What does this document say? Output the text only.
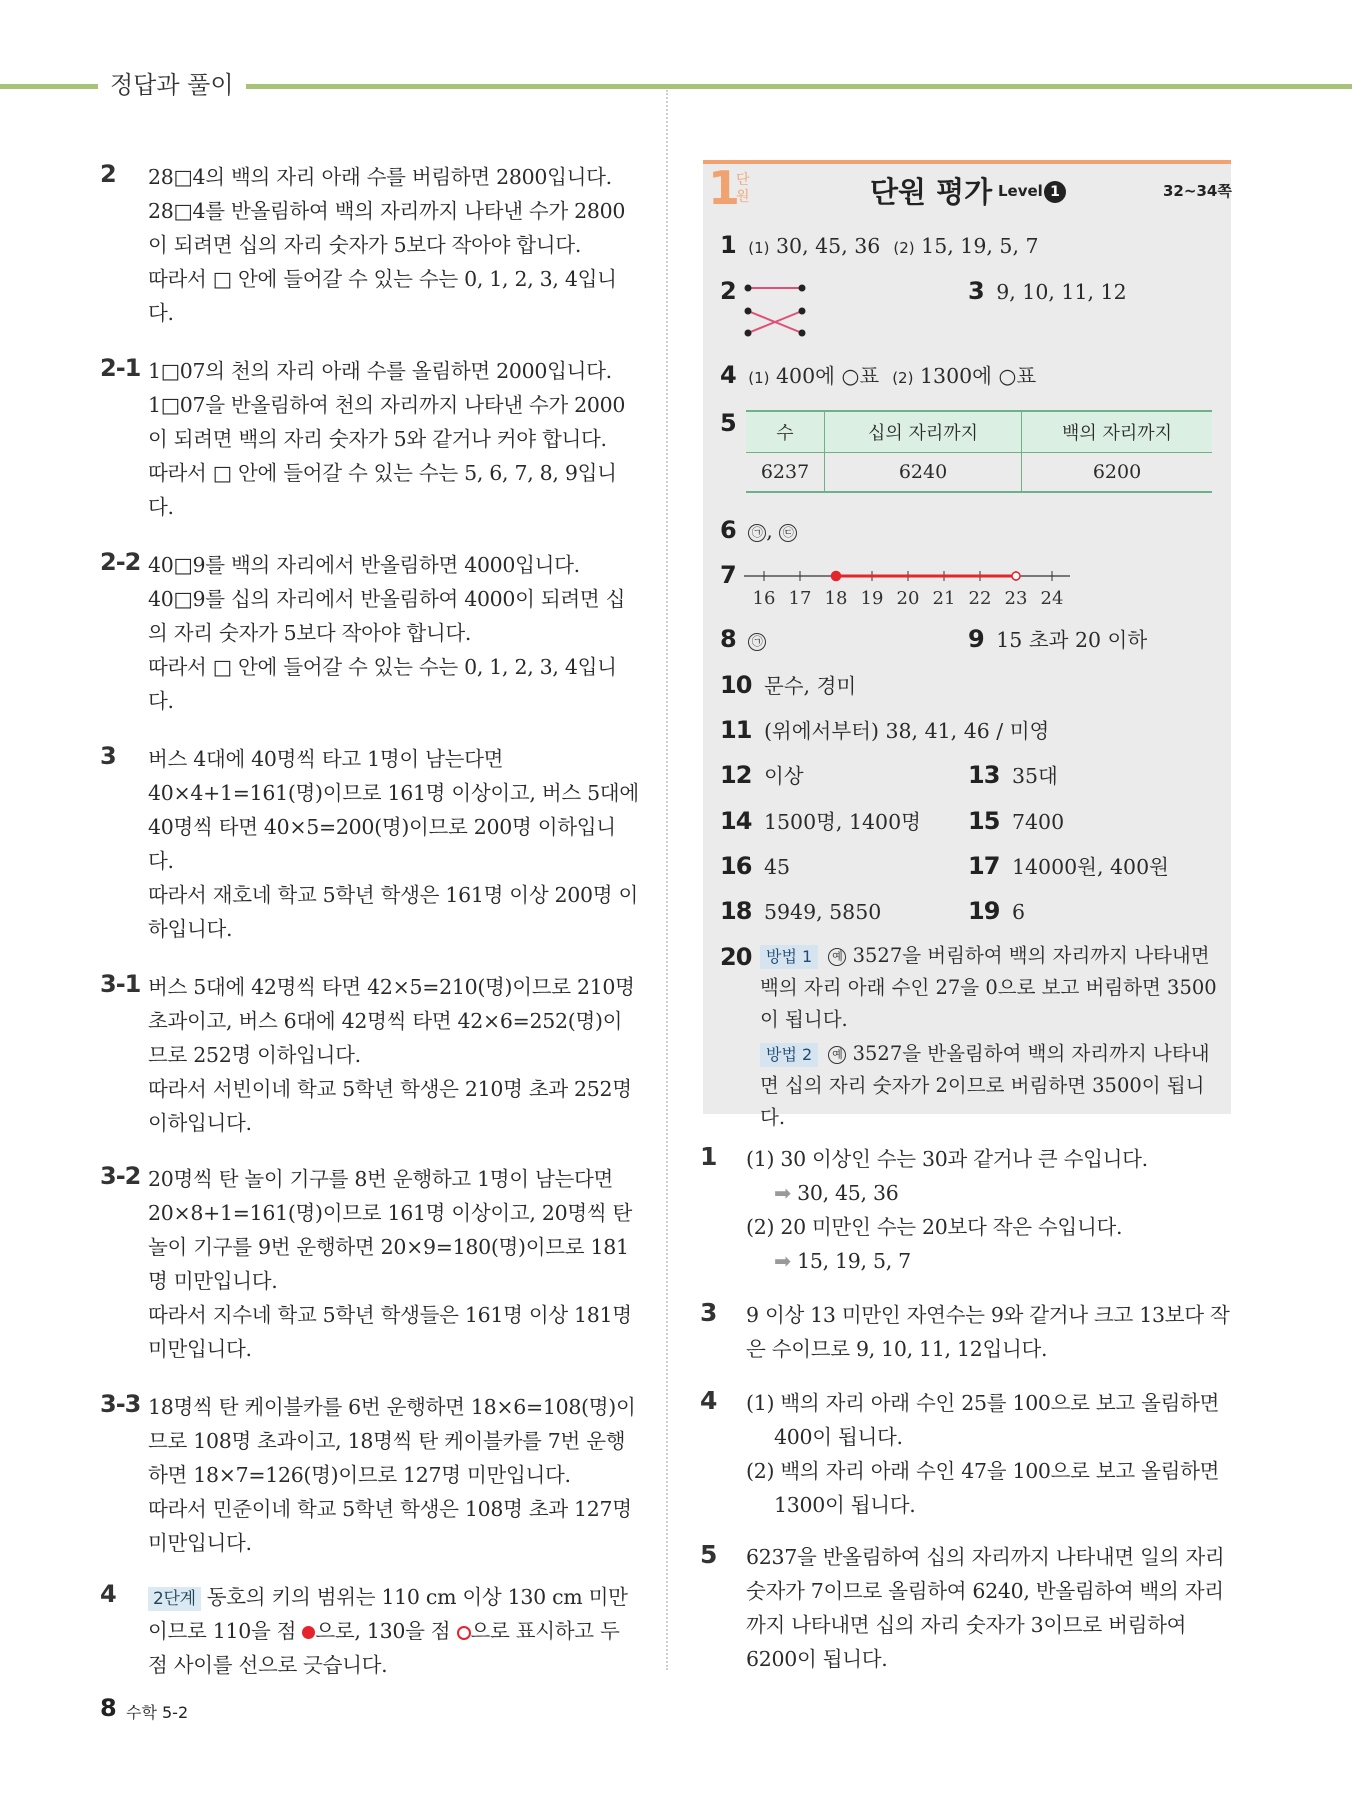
정답과 풀이
2 28□4의 백의 자리 아래 수를 버림하면 2800입니다.

28□4를 반올림하여 백의 자리까지 나타낸 수가 2800이 되려면 십의 자리 숫자가 5보다 작아야 합니다.

따라서 □ 안에 들어갈 수 있는 수는 0, 1, 2, 3, 4입니다.

2-1 1□07의 천의 자리 아래 수를 올림하면 2000입니다.

1□07을 반올림하여 천의 자리까지 나타낸 수가 2000이 되려면 백의 자리 숫자가 5와 같거나 커야 합니다.

따라서 □ 안에 들어갈 수 있는 수는 5, 6, 7, 8, 9입니다.

2-2 40□9를 백의 자리에서 반올림하면 4000입니다.

40□9를 십의 자리에서 반올림하여 4000이 되려면 십의 자리 숫자가 5보다 작아야 합니다.

따라서 □ 안에 들어갈 수 있는 수는 0, 1, 2, 3, 4입니다.

3 버스 4대에 40명씩 타고 1명이 남는다면 40×4+1=161(명)이므로 161명 이상이고, 버스 5대에 40명씩 타면 40×5=200(명)이므로 200명 이하입니다.

따라서 재호네 학교 5학년 학생은 161명 이상 200명 이하입니다.

3-1 버스 5대에 42명씩 타면 42×5=210(명)이므로 210명 초과이고, 버스 6대에 42명씩 타면 42×6=252(명)이므로 252명 이하입니다.

따라서 서빈이네 학교 5학년 학생은 210명 초과 252명 이하입니다.

3-2 20명씩 탄 놀이 기구를 8번 운행하고 1명이 남는다면 20×8+1=161(명)이므로 161명 이상이고, 20명씩 탄 놀이 기구를 9번 운행하면 20×9=180(명)이므로 181명 미만입니다.

따라서 지수네 학교 5학년 학생들은 161명 이상 181명 미만입니다.

3-3 18명씩 탄 케이블카를 6번 운행하면 18×6=108(명)이므로 108명 초과이고, 18명씩 탄 케이블카를 7번 운행하면 18×7=126(명)이므로 127명 미만입니다.

따라서 민준이네 학교 5학년 학생은 108명 초과 127명 미만입니다.

4 2단계 동호의 키의 범위는 110 cm 이상 130 cm 미만이므로 110을 점 으로, 130을 점 으로 표시하고 두 점 사이를 선으로 긋습니다.
1
단원	단원 평가 Level 1	32~34쪽
1 (1) 30, 45, 36 (2) 15, 19, 5, 7
2	3 9, 10, 11, 12
4 (1) 400에 ○표 (2) 1300에 ○표
5	수	십의 자리까지	백의 자리까지
6237	6240	6200
6 ㉠ , ㉢
7
16 17 18 19 20 21 22 23 24
8 ㉠	9 15 초과 20 이하
10 문수, 경미
11 (위에서부터) 38, 41, 46 / 미영
12 이상	13 35대
14 1500명, 1400명 15 7400
16 45	17 14000원, 400원
18 5949, 5850	19 6
20 방법 1 예 3527을 버림하여 백의 자리까지 나타내면 백의 자리 아래 수인 27을 0으로 보고 버림하면 3500이 됩니다.

방법 2 예 3527을 반올림하여 백의 자리까지 나타내면 십의 자리 숫자가 2이므로 버림하면 3500이 됩니다.

1 (1) 30 이상인 수는 30과 같거나 큰 수입니다.

➡ 30, 45, 36

(2) 20 미만인 수는 20보다 작은 수입니다.

➡ 15, 19, 5, 7

3 9 이상 13 미만인 자연수는 9와 같거나 크고 13보다 작은 수이므로 9, 10, 11, 12입니다.

4 (1) 백의 자리 아래 수인 25를 100으로 보고 올림하면

400이 됩니다.

(2) 백의 자리 아래 수인 47을 100으로 보고 올림하면

1300이 됩니다.

5 6237을 반올림하여 십의 자리까지 나타내면 일의 자리 숫자가 7이므로 올림하여 6240, 반올림하여 백의 자리까지 나타내면 십의 자리 숫자가 3이므로 버림하여 6200이 됩니다.

8 수학 5-2
